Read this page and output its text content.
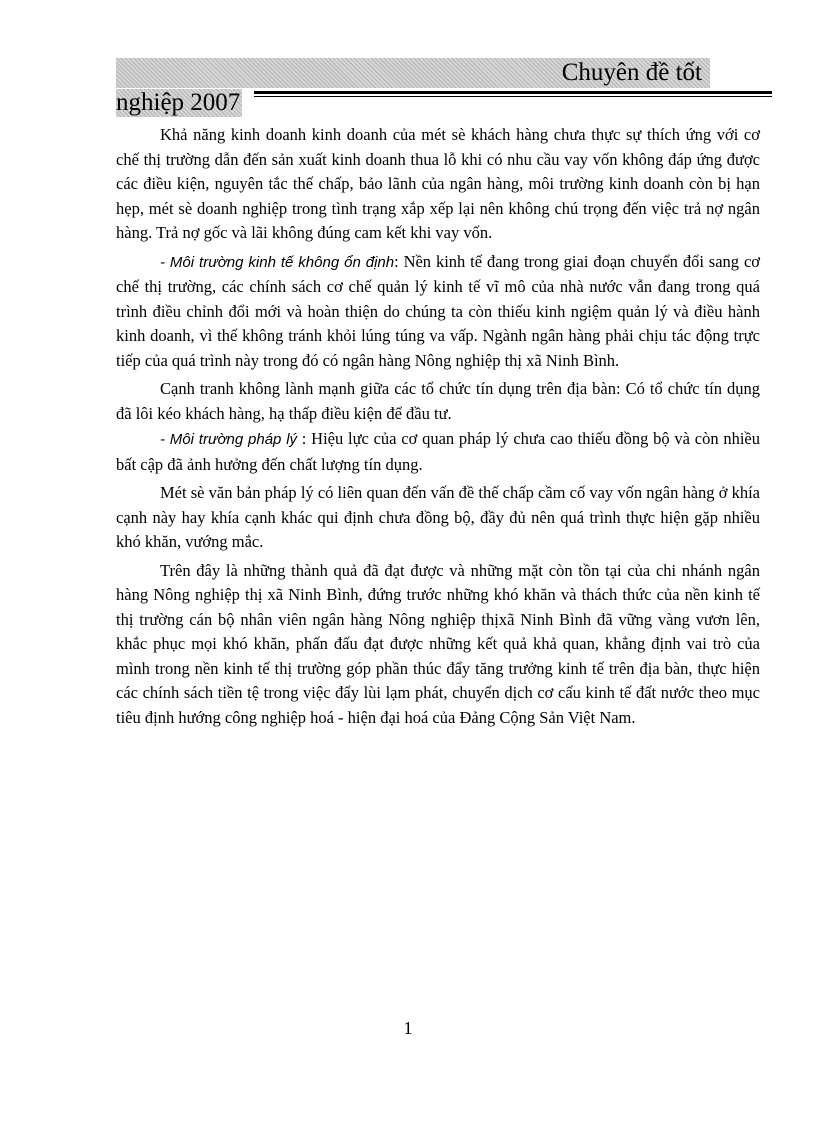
Chuyên đề tốt
nghiệp 2007

Khả năng kinh doanh kinh doanh của mét sè khách hàng chưa thực sự thích ứng với cơ chế thị trường dẫn đến sản xuất kinh doanh thua lỗ khi có nhu cầu vay vốn không đáp ứng được các điều kiện, nguyên tắc thế chấp, bảo lãnh của ngân hàng, môi trường kinh doanh còn bị hạn hẹp, mét sè doanh nghiệp trong tình trạng xắp xếp lại nên không chú trọng đến việc trả nợ ngân hàng. Trả nợ gốc và lãi không đúng cam kết khi vay vốn.

- Môi trường kinh tế không ổn định: Nền kinh tế đang trong giai đoạn chuyển đổi sang cơ chế thị trường, các chính sách cơ chế quản lý kinh tế vĩ mô của nhà nước vẫn đang trong quá trình điều chỉnh đổi mới và hoàn thiện do chúng ta còn thiếu kinh ngiệm quản lý và điều hành kinh doanh, vì thế không tránh khỏi lúng túng va vấp. Ngành ngân hàng phải chịu tác động trực tiếp của quá trình này trong đó có ngân hàng Nông nghiệp thị xã Ninh Bình.

Cạnh tranh không lành mạnh giữa các tổ chức tín dụng trên địa bàn: Có tổ chức tín dụng đã lôi kéo khách hàng, hạ thấp điều kiện để đầu tư.

- Môi trường pháp lý : Hiệu lực của cơ quan pháp lý chưa cao thiếu đồng bộ và còn nhiều bất cập đã ảnh hưởng đến chất lượng tín dụng.

Mét sè văn bản pháp lý có liên quan đến vấn đề thế chấp cầm cố vay vốn ngân hàng ở khía cạnh này hay khía cạnh khác qui định chưa đồng bộ, đầy đủ nên quá trình thực hiện gặp nhiều khó khăn, vướng mắc.

Trên đây là những thành quả đã đạt được và những mặt còn tồn tại của chi nhánh ngân hàng Nông nghiệp thị xã Ninh Bình, đứng trước những khó khăn và thách thức của nền kinh tế thị trường cán bộ nhân viên ngân hàng Nông nghiệp thịxã Ninh Bình đã vững vàng vươn lên, khắc phục mọi khó khăn, phấn đấu đạt được những kết quả khả quan, khẳng định vai trò của mình trong nền kinh tế thị trường góp phần thúc đẩy tăng trưởng kinh tế trên địa bàn, thực hiện các chính sách tiền tệ trong việc đẩy lùi lạm phát, chuyển dịch cơ cấu kinh tế đất nước theo mục tiêu định hướng công nghiệp hoá - hiện đại hoá của Đảng Cộng Sản Việt Nam.

1
